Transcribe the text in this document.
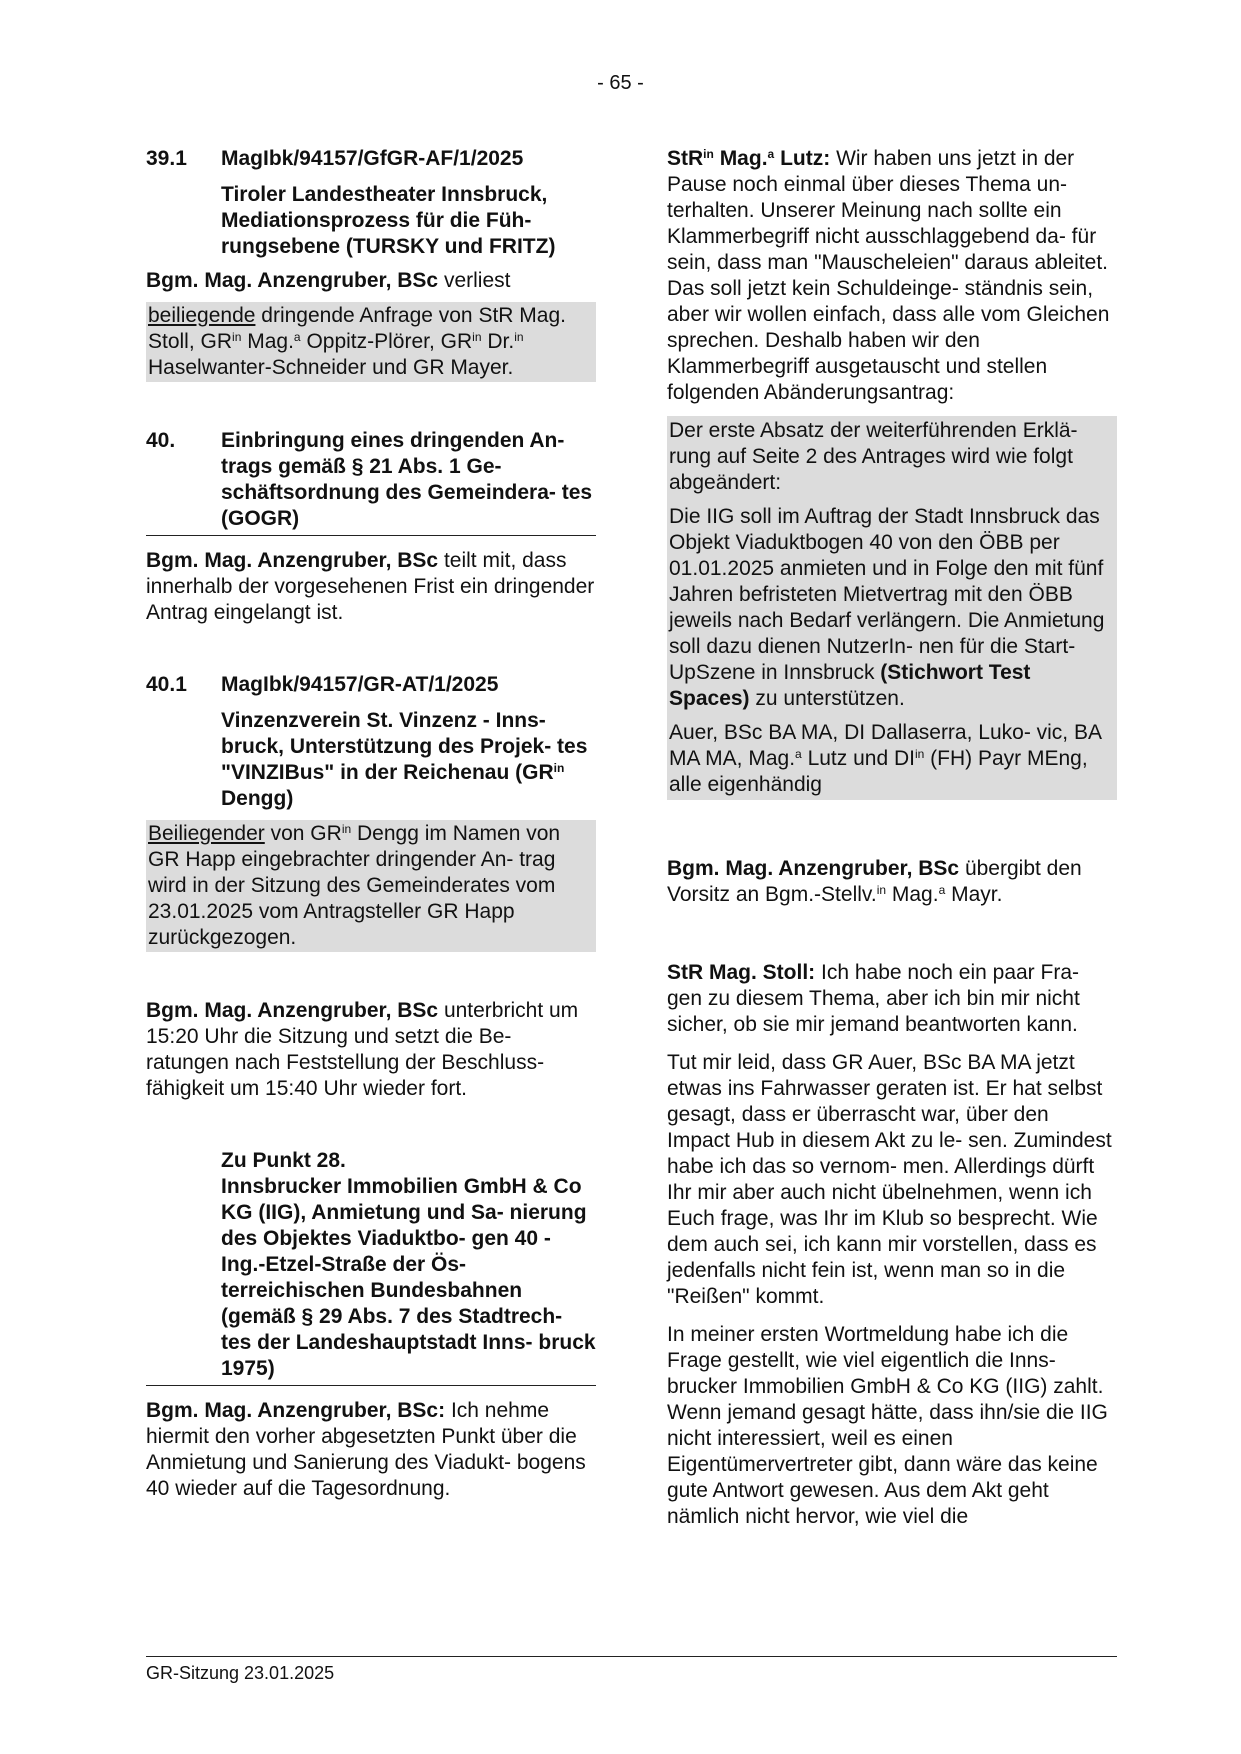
- 65 -
39.1 MagIbk/94157/GfGR-AF/1/2025

Tiroler Landestheater Innsbruck, Mediationsprozess für die Füh- rungsebene (TURSKY und FRITZ)

Bgm. Mag. Anzengruber, BSc verliest

beiliegende dringende Anfrage von StR Mag. Stoll, $GR^{in}$ Mag.$^a$ Oppitz-Plörer, $GR^{in}$ Dr.$^{in}$ Haselwanter-Schneider und GR Mayer.

40. Einbringung eines dringenden An- trags gemäß § 21 Abs. 1 Ge- schäftsordnung des Gemeindera- tes (GOGR)

Bgm. Mag. Anzengruber, BSc teilt mit, dass innerhalb der vorgesehenen Frist ein dringender Antrag eingelangt ist.

40.1 MagIbk/94157/GR-AT/1/2025

Vinzenzverein St. Vinzenz - Inns- bruck, Unterstützung des Projek- tes "VINZIBus" in der Reichenau ($GR^{in}$ Dengg)

Beiliegender von $GR^{in}$ Dengg im Namen von GR Happ eingebrachter dringender An- trag wird in der Sitzung des Gemeinderates vom 23.01.2025 vom Antragsteller GR Happ zurückgezogen.

Bgm. Mag. Anzengruber, BSc unterbricht um 15:20 Uhr die Sitzung und setzt die Be- ratungen nach Feststellung der Beschluss- fähigkeit um 15:40 Uhr wieder fort.

Zu Punkt 28.

Innsbrucker Immobilien GmbH & Co KG (IIG), Anmietung und Sa- nierung des Objektes Viaduktbo- gen 40 - Ing.-Etzel-Straße der Ös- terreichischen Bundesbahnen (gemäß § 29 Abs. 7 des Stadtrech- tes der Landeshauptstadt Inns- bruck 1975)

Bgm. Mag. Anzengruber, BSc: Ich nehme hiermit den vorher abgesetzten Punkt über die Anmietung und Sanierung des Viadukt- bogens 40 wieder auf die Tagesordnung.

StR$^{in}$ Mag.$^a$ Lutz: Wir haben uns jetzt in der Pause noch einmal über dieses Thema un- terhalten. Unserer Meinung nach sollte ein Klammerbegriff nicht ausschlaggebend da- für sein, dass man "Mauscheleien" daraus ableitet. Das soll jetzt kein Schuldeinge- ständnis sein, aber wir wollen einfach, dass alle vom Gleichen sprechen. Deshalb haben wir den Klammerbegriff ausgetauscht und stellen folgenden Abänderungsantrag:

Der erste Absatz der weiterführenden Erklä- rung auf Seite 2 des Antrages wird wie folgt abgeändert:

Die IIG soll im Auftrag der Stadt Innsbruck das Objekt Viaduktbogen 40 von den ÖBB per 01.01.2025 anmieten und in Folge den mit fünf Jahren befristeten Mietvertrag mit den ÖBB jeweils nach Bedarf verlängern. Die Anmietung soll dazu dienen NutzerIn- nen für die Start-UpSzene in Innsbruck (Stichwort Test Spaces) zu unterstützen.

Auer, BSc BA MA, DI Dallaserra, Luko- vic, BA MA MA, Mag.$^a$ Lutz und $DI^{in}$ (FH) Payr MEng, alle eigenhändig

Bgm. Mag. Anzengruber, BSc übergibt den Vorsitz an Bgm.-Stellv.$^{in}$ Mag.$^a$ Mayr.

StR Mag. Stoll: Ich habe noch ein paar Fra- gen zu diesem Thema, aber ich bin mir nicht sicher, ob sie mir jemand beantworten kann.

Tut mir leid, dass GR Auer, BSc BA MA jetzt etwas ins Fahrwasser geraten ist. Er hat selbst gesagt, dass er überrascht war, über den Impact Hub in diesem Akt zu le- sen. Zumindest habe ich das so vernom- men. Allerdings dürft Ihr mir aber auch nicht übelnehmen, wenn ich Euch frage, was Ihr im Klub so besprecht. Wie dem auch sei, ich kann mir vorstellen, dass es jedenfalls nicht fein ist, wenn man so in die "Reißen" kommt.

In meiner ersten Wortmeldung habe ich die Frage gestellt, wie viel eigentlich die Inns- brucker Immobilien GmbH & Co KG (IIG) zahlt. Wenn jemand gesagt hätte, dass ihn/sie die IIG nicht interessiert, weil es einen Eigentümervertreter gibt, dann wäre das keine gute Antwort gewesen. Aus dem Akt geht nämlich nicht hervor, wie viel die

GR-Sitzung 23.01.2025
